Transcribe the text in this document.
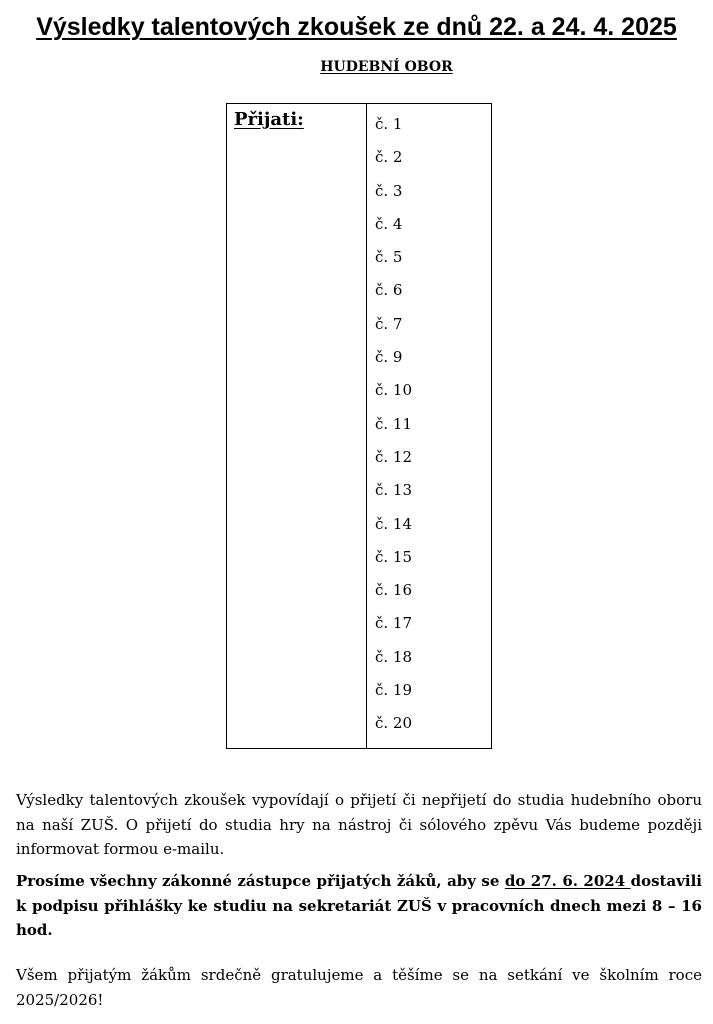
Výsledky talentových zkoušek ze dnů 22. a 24. 4. 2025
HUDEBNÍ OBOR
Přijati:	č. 1
č. 2
č. 3
č. 4
č. 5
č. 6
č. 7
č. 9
č. 10
č. 11
č. 12
č. 13
č. 14
č. 15
č. 16
č. 17
č. 18
č. 19
č. 20

Výsledky talentových zkoušek vypovídají o přijetí či nepřijetí do studia hudebního oboru na naší ZUŠ. O přijetí do studia hry na nástroj či sólového zpěvu Vás budeme později informovat formou e-mailu.

Prosíme všechny zákonné zástupce přijatých žáků, aby se do 27. 6. 2024 dostavili k podpisu přihlášky ke studiu na sekretariát ZUŠ v pracovních dnech mezi 8 – 16 hod.

Všem přijatým žákům srdečně gratulujeme a těšíme se na setkání ve školním roce 2025/2026!
